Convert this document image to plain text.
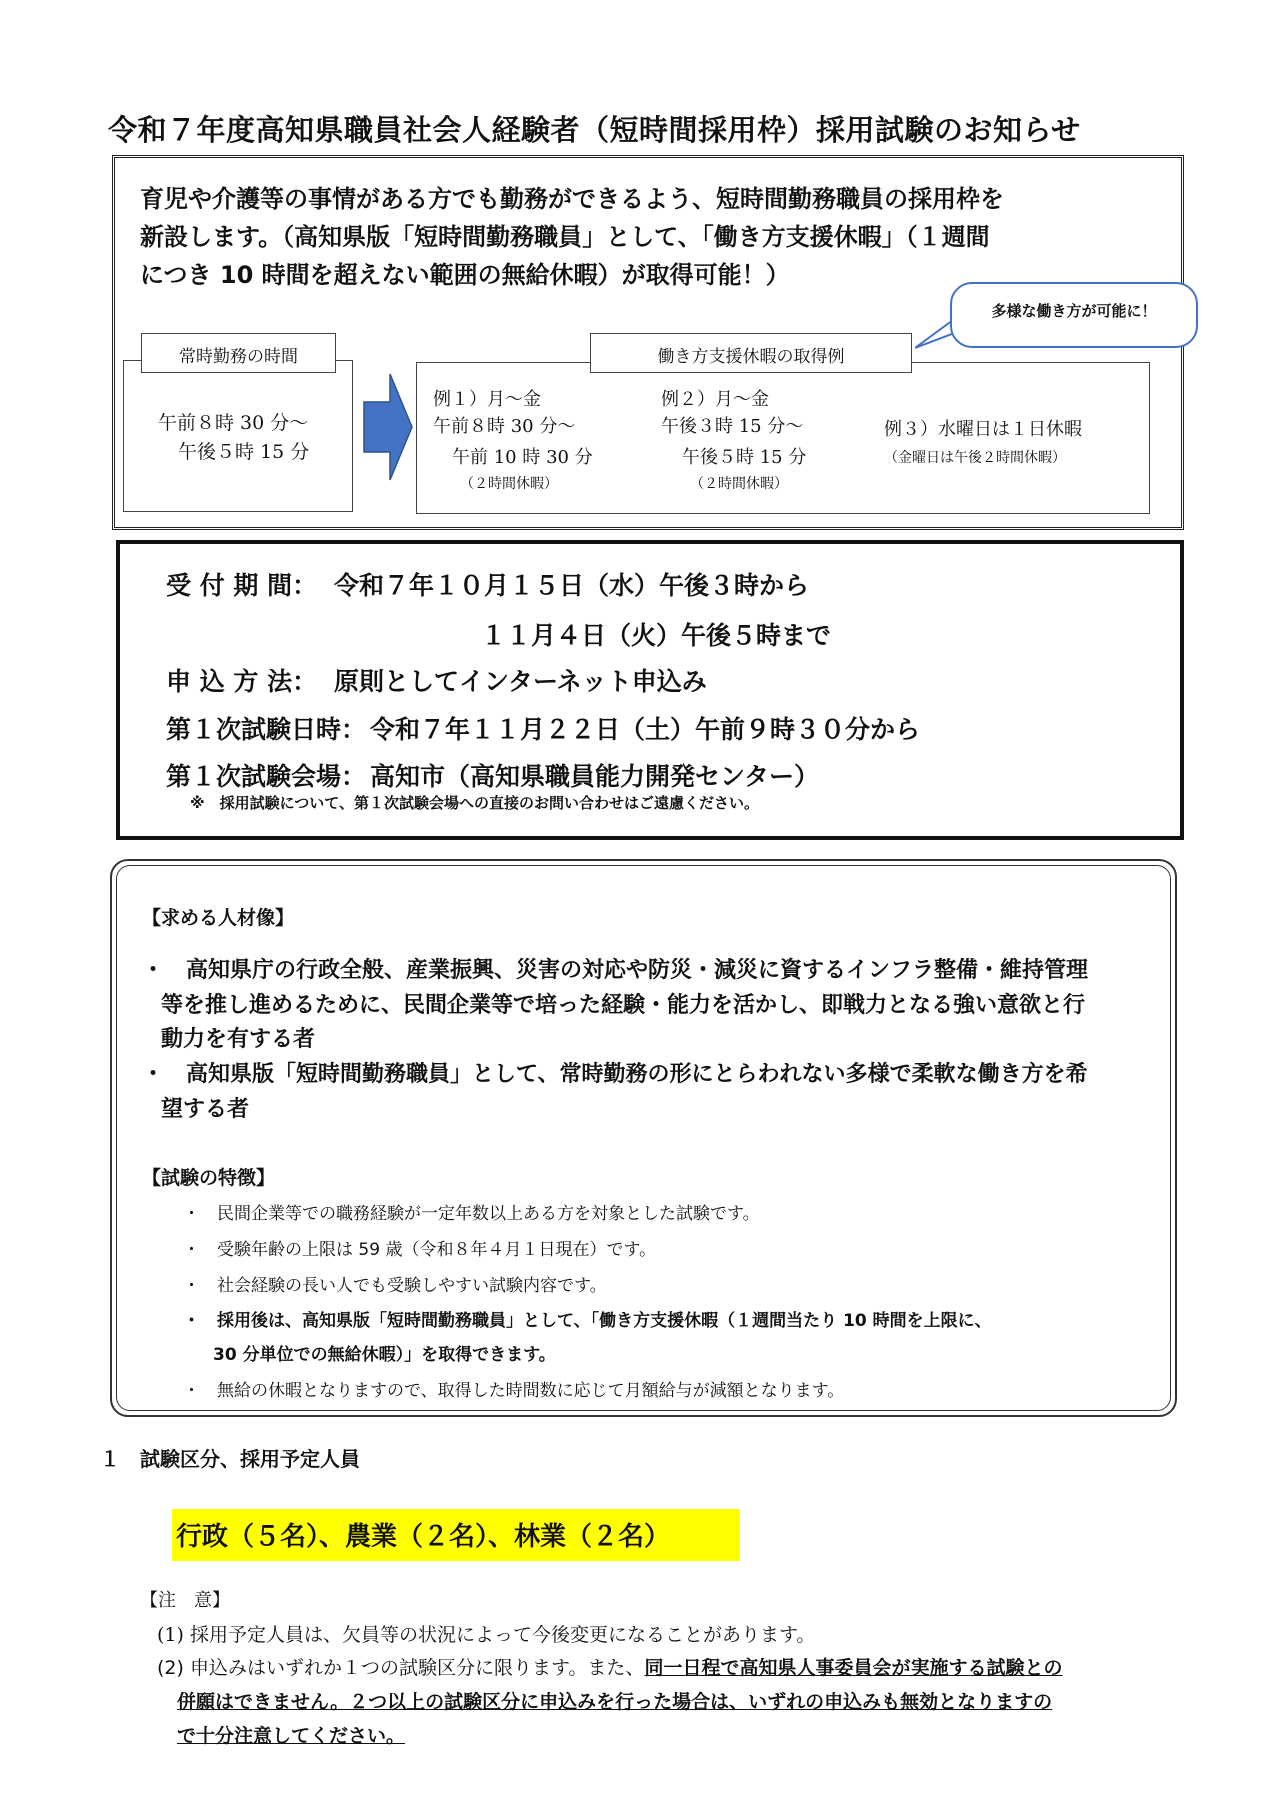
令和７年度高知県職員社会人経験者（短時間採用枠）採用試験のお知らせ
育児や介護等の事情がある方でも勤務ができるよう、短時間勤務職員の採用枠を
新設します。（高知県版「短時間勤務職員」として、「働き方支援休暇」（１週間
につき 10 時間を超えない範囲の無給休暇）が取得可能！）
多様な働き方が可能に！
常時勤務の時間
午前８時 30 分～
午後５時 15 分
働き方支援休暇の取得例
例１）月～金
午前８時 30 分～
午前 10 時 30 分
（２時間休暇）
例２）月～金
午後３時 15 分～
午後５時 15 分
（２時間休暇）
例３）水曜日は１日休暇
（金曜日は午後２時間休暇）
受 付 期 間： 令和７年１０月１５日（水）午後３時から
１１月４日（火）午後５時まで
申 込 方 法： 原則としてインターネット申込み
第１次試験日時： 令和７年１１月２２日（土）午前９時３０分から
第１次試験会場： 高知市（高知県職員能力開発センター）
※　採用試験について、第１次試験会場への直接のお問い合わせはご遠慮ください。
【求める人材像】
・　高知県庁の行政全般、産業振興、災害の対応や防災・減災に資するインフラ整備・維持管理
等を推し進めるために、民間企業等で培った経験・能力を活かし、即戦力となる強い意欲と行
動力を有する者
・　高知県版「短時間勤務職員」として、常時勤務の形にとらわれない多様で柔軟な働き方を希
望する者
【試験の特徴】
・　民間企業等での職務経験が一定年数以上ある方を対象とした試験です。
・　受験年齢の上限は 59 歳（令和８年４月１日現在）です。
・　社会経験の長い人でも受験しやすい試験内容です。
・　採用後は、高知県版「短時間勤務職員」として、「働き方支援休暇（１週間当たり 10 時間を上限に、
30 分単位での無給休暇）」を取得できます。
・　無給の休暇となりますので、取得した時間数に応じて月額給与が減額となります。
１　試験区分、採用予定人員
行政（５名）、農業（２名）、林業（２名）
【注　意】
(1) 採用予定人員は、欠員等の状況によって今後変更になることがあります。
(2) 申込みはいずれか１つの試験区分に限ります。また、同一日程で高知県人事委員会が実施する試験との
併願はできません。２つ以上の試験区分に申込みを行った場合は、いずれの申込みも無効となりますの
で十分注意してください。
